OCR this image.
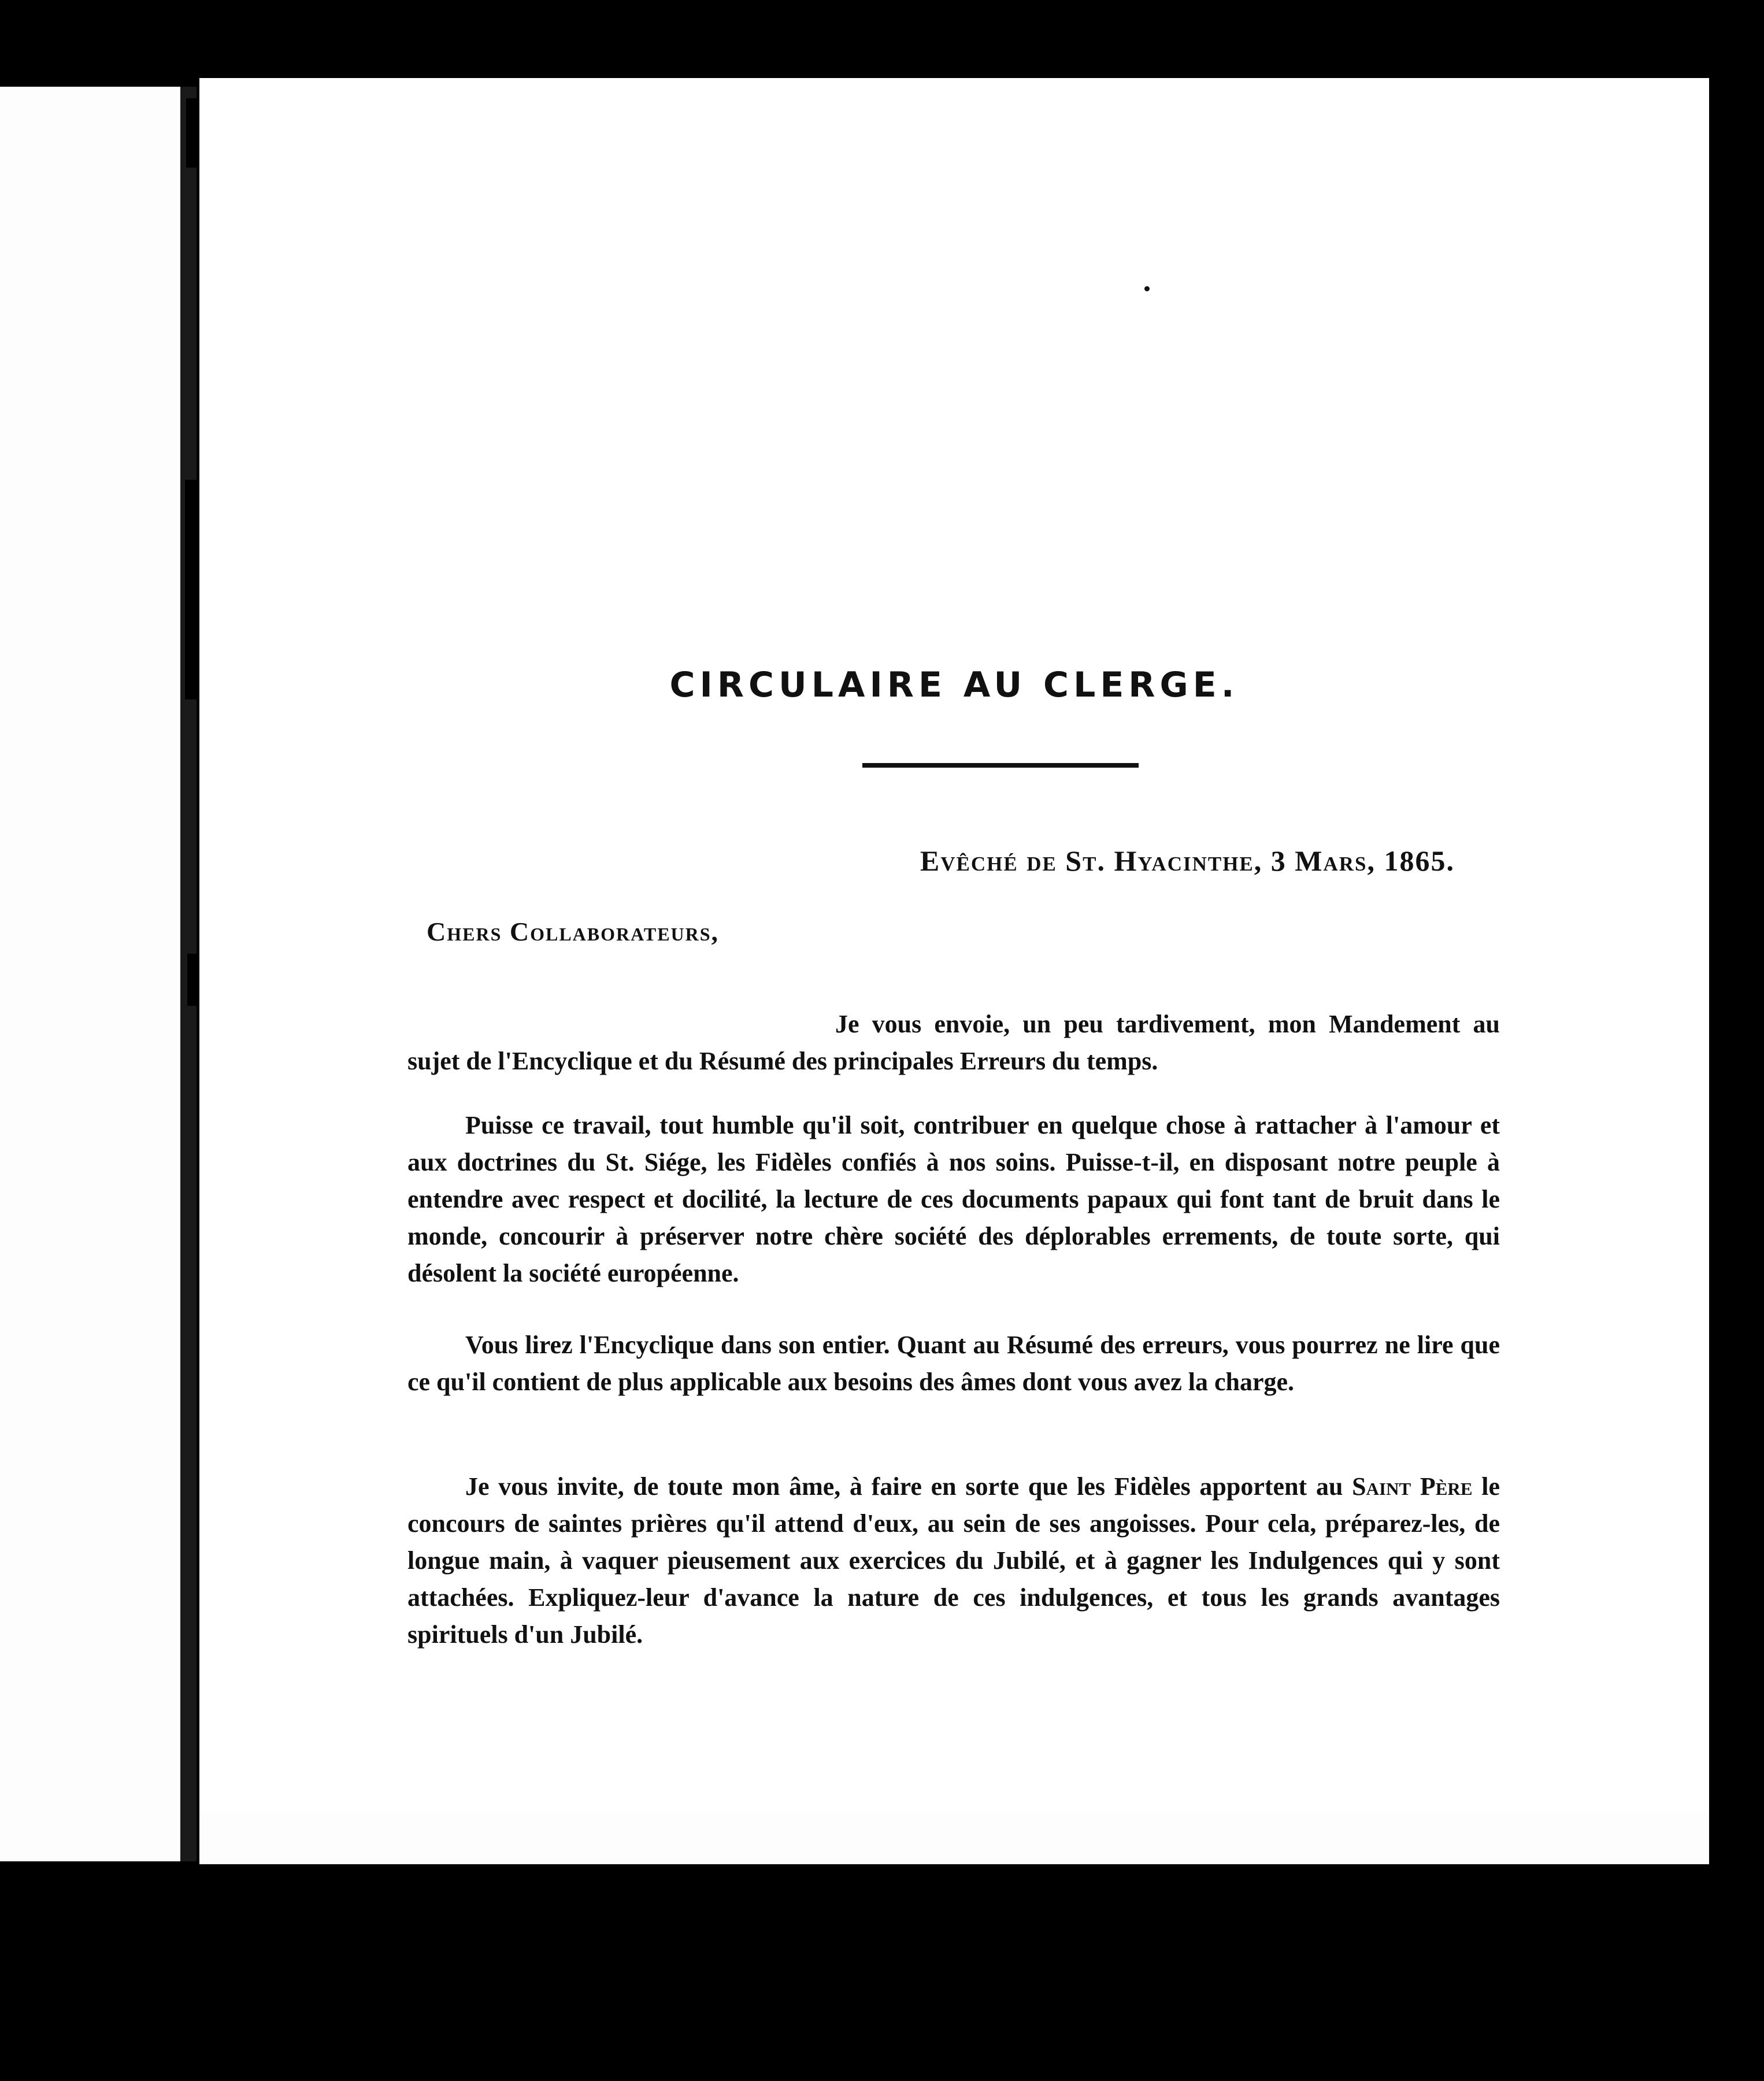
CIRCULAIRE AU CLERGE.
Evêché de St. Hyacinthe, 3 Mars, 1865.
Chers Collaborateurs,

Je vous envoie, un peu tardivement, mon Mandement au sujet de l'Encyclique et du Résumé des principales Erreurs du temps.

Puisse ce travail, tout humble qu'il soit, contribuer en quelque chose à rattacher à l'amour et aux doctrines du St. Siége, les Fidèles confiés à nos soins. Puisse-t-il, en disposant notre peuple à entendre avec respect et docilité, la lecture de ces documents papaux qui font tant de bruit dans le monde, concourir à préserver notre chère société des déplorables errements, de toute sorte, qui désolent la société européenne.

Vous lirez l'Encyclique dans son entier. Quant au Résumé des erreurs, vous pourrez ne lire que ce qu'il contient de plus applicable aux besoins des âmes dont vous avez la charge.

Je vous invite, de toute mon âme, à faire en sorte que les Fidèles apportent au Saint Père le concours de saintes prières qu'il attend d'eux, au sein de ses angoisses. Pour cela, préparez-les, de longue main, à vaquer pieusement aux exercices du Jubilé, et à gagner les Indulgences qui y sont attachées. Expliquez-leur d'avance la nature de ces indulgences, et tous les grands avantages spirituels d'un Jubilé.
